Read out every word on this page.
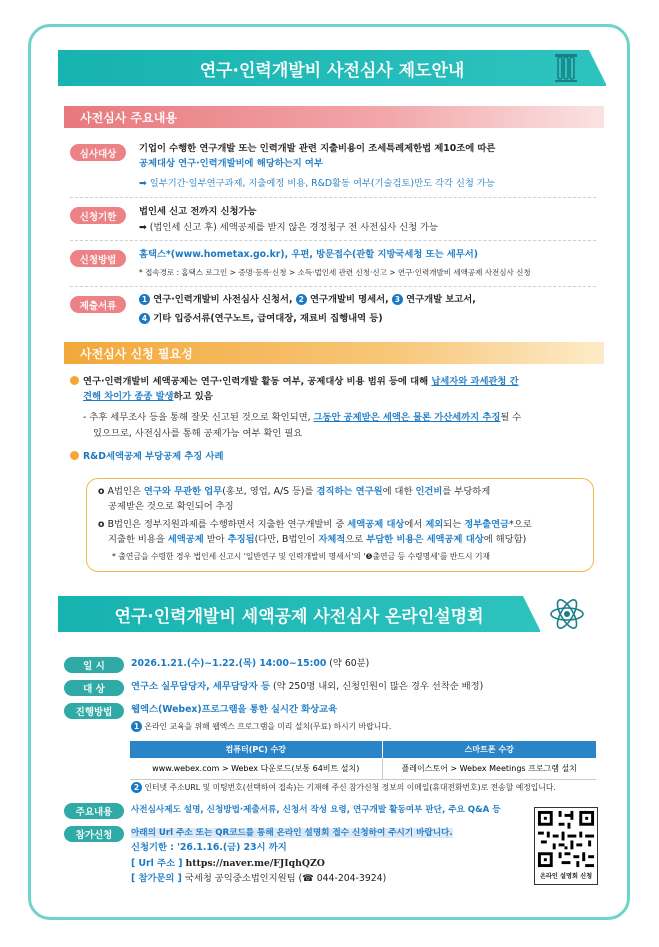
연구·인력개발비 사전심사 제도안내
사전심사 주요내용
심사대상	기업이 수행한 연구개발 또는 인력개발 관련 지출비용이 조세특례제한법 제10조에 따른
공제대상 연구·인력개발비에 해당하는지 여부
➡ 일부기간·일부연구과제, 지출예정 비용, R&D활동 여부(기술검토)만도 각각 신청 가능
신청기한	법인세 신고 전까지 신청가능
➡ (법인세 신고 후) 세액공제를 받지 않은 경정청구 전 사전심사 신청 가능
신청방법	홈택스*(www.hometax.go.kr), 우편, 방문접수(관할 지방국세청 또는 세무서)
* 접속경로 : 홈택스 로그인 > 증명·등록·신청 > 소득·법인세 관련 신청·신고 > 연구·인력개발비 세액공제 사전심사 신청
제출서류
1 연구·인력개발비 사전심사 신청서, 2 연구개발비 명세서, 3 연구개발 보고서,
4 기타 입증서류(연구노트, 급여대장, 재료비 집행내역 등)
사전심사 신청 필요성
연구·인력개발비 세액공제는 연구·인력개발 활동 여부, 공제대상 비용 범위 등에 대해 납세자와 과세관청 간
견해 차이가 종종 발생하고 있음
- 추후 세무조사 등을 통해 잘못 신고된 것으로 확인되면, 그동안 공제받은 세액은 물론 가산세까지 추징될 수
있으므로, 사전심사를 통해 공제가능 여부 확인 필요
R&D세액공제 부당공제 추징 사례
o A법인은 연구와 무관한 업무(홍보, 영업, A/S 등)를 겸직하는 연구원에 대한 인건비를 부당하게
공제받은 것으로 확인되어 추징
o B법인은 정부지원과제를 수행하면서 지출한 연구개발비 중 세액공제 대상에서 제외되는 정부출연금*으로
지출한 비용을 세액공제 받아 추징됨(다만, B법인이 자체적으로 부담한 비용은 세액공제 대상에 해당함)
* 출연금을 수령한 경우 법인세 신고시 '일반연구 및 인력개발비 명세서'의 '❺출연금 등 수령명세'를 반드시 기재
연구·인력개발비 세액공제 사전심사 온라인설명회
일 시	2026.1.21.(수)~1.22.(목) 14:00~15:00 (약 60분)
대 상	연구소 실무담당자, 세무담당자 등 (약 250명 내외, 신청인원이 많은 경우 선착순 배정)
진행방법	웹엑스(Webex)프로그램을 통한 실시간 화상교육
1 온라인 교육을 위해 웹엑스 프로그램을 미리 설치(무료) 하시기 바랍니다.
컴퓨터(PC) 수강	스마트폰 수강
www.webex.com > Webex 다운로드(보통 64비트 설치)	플레이스토어 > Webex Meetings 프로그램 설치
2 인터넷 주소URL 및 미팅번호(선택하여 접속)는 기재해 주신 참가신청 정보의 이메일(휴대전화번호)로 전송할 예정입니다.
주요내용	사전심사제도 설명, 신청방법·제출서류, 신청서 작성 요령, 연구개발 활동여부 판단, 주요 Q&A 등
참가신청	아래의 Url 주소 또는 QR코드를 통해 온라인 설명회 접수 신청하여 주시기 바랍니다.
신청기한 : '26.1.16.(금) 23시 까지
[ Url 주소 ] https://naver.me/FJIqhQZO
[ 참가문의 ] 국세청 공익중소법인지원팀 (☎ 044-204-3924)	온라인 설명회 신청
